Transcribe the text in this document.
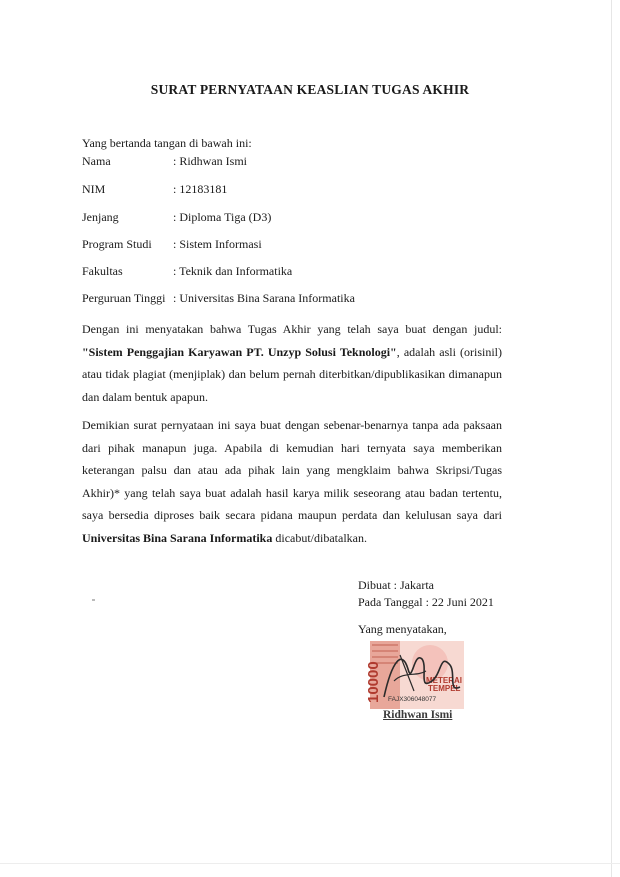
SURAT PERNYATAAN KEASLIAN TUGAS AKHIR
Yang bertanda tangan di bawah ini:
Nama	: Ridhwan Ismi
NIM	: 12183181
Jenjang	: Diploma Tiga (D3)
Program Studi : Sistem Informasi
Fakultas	: Teknik dan Informatika
Perguruan Tinggi : Universitas Bina Sarana Informatika
Dengan ini menyatakan bahwa Tugas Akhir yang telah saya buat dengan judul: "Sistem Penggajian Karyawan PT. Unzyp Solusi Teknologi", adalah asli (orisinil) atau tidak plagiat (menjiplak) dan belum pernah diterbitkan/dipublikasikan dimanapun dan dalam bentuk apapun.
Demikian surat pernyataan ini saya buat dengan sebenar-benarnya tanpa ada paksaan dari pihak manapun juga. Apabila di kemudian hari ternyata saya memberikan keterangan palsu dan atau ada pihak lain yang mengklaim bahwa Skripsi/Tugas Akhir)* yang telah saya buat adalah hasil karya milik seseorang atau badan tertentu, saya bersedia diproses baik secara pidana maupun perdata dan kelulusan saya dari Universitas Bina Sarana Informatika dicabut/dibatalkan.
Dibuat : Jakarta
Pada Tanggal : 22 Juni 2021
Yang menyatakan,
10000	METERAI
TEMPEL
FAJX306048077
Ridhwan Ismi
